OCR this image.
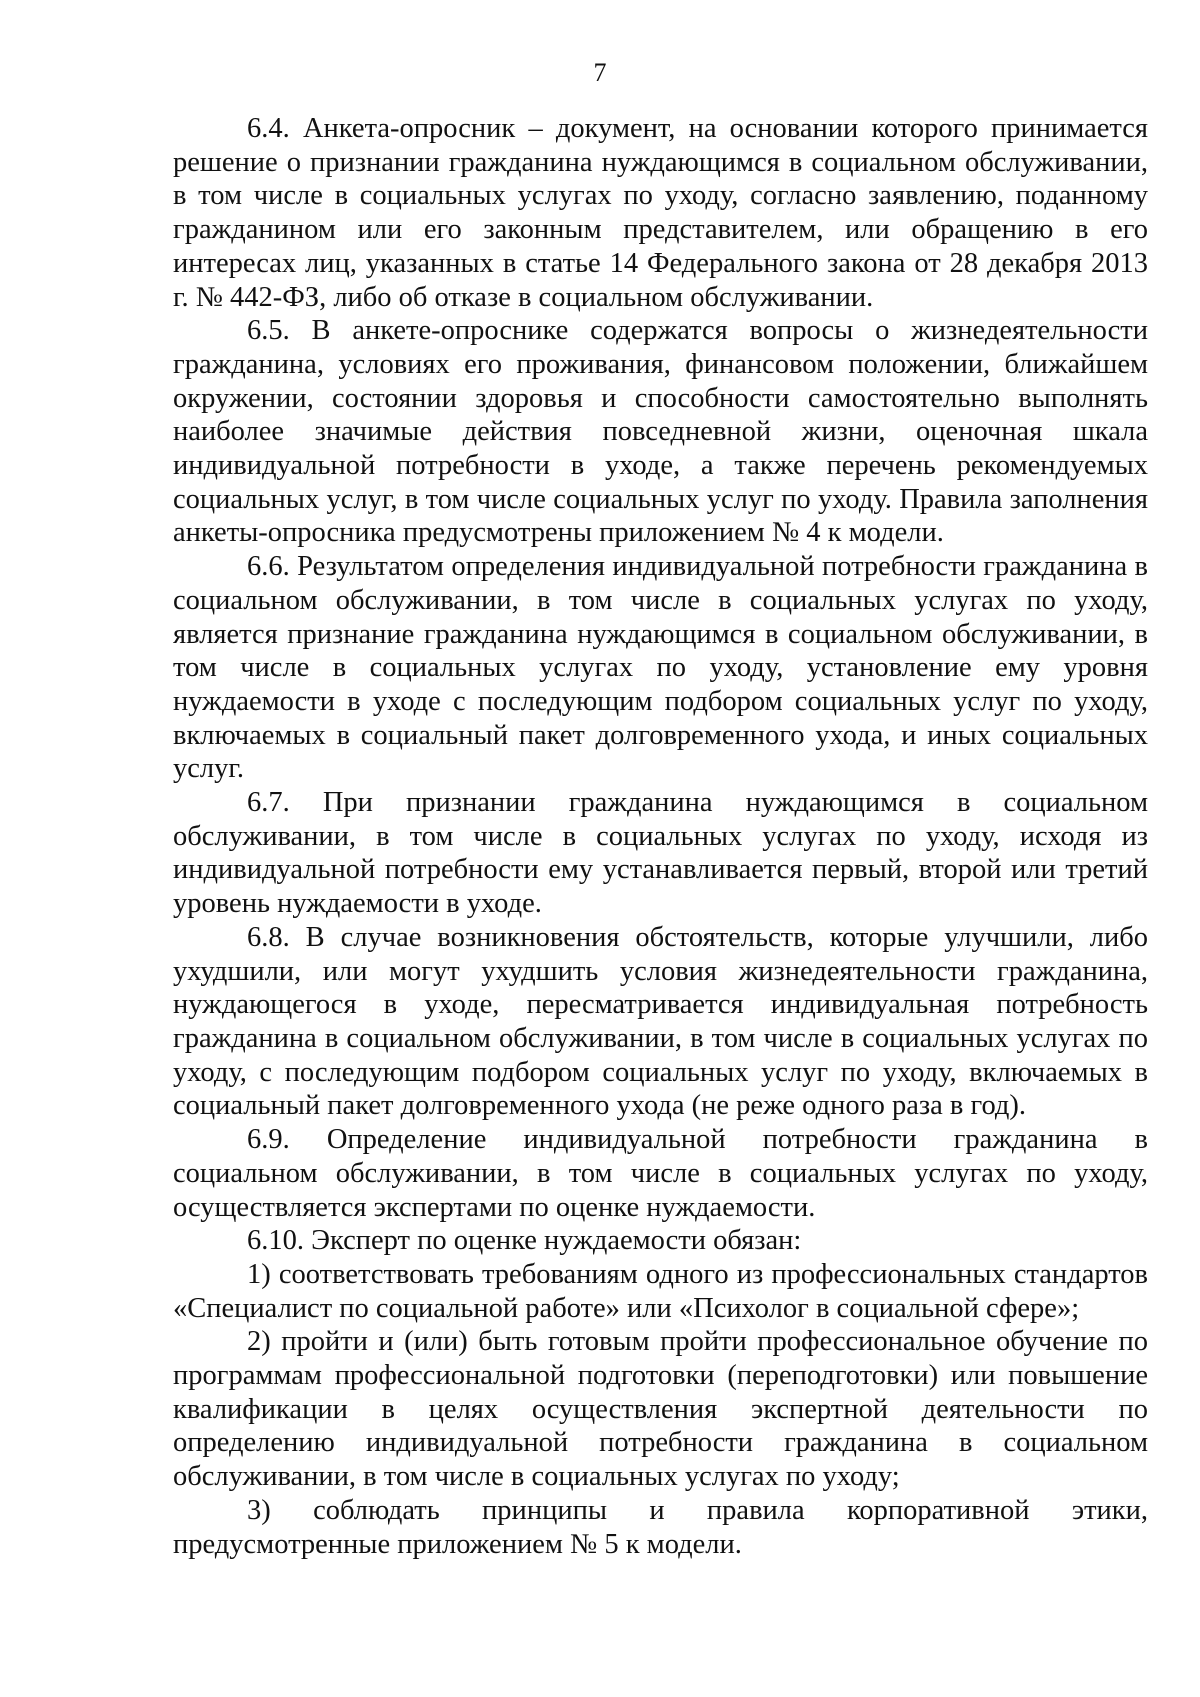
7

6.4. Анкета-опросник – документ, на основании которого принимается решение о признании гражданина нуждающимся в социальном обслуживании, в том числе в социальных услугах по уходу, согласно заявлению, поданному гражданином или его законным представителем, или обращению в его интересах лиц, указанных в статье 14 Федерального закона от 28 декабря 2013 г. № 442-ФЗ, либо об отказе в социальном обслуживании.

6.5. В анкете-опроснике содержатся вопросы о жизнедеятельности гражданина, условиях его проживания, финансовом положении, ближайшем окружении, состоянии здоровья и способности самостоятельно выполнять наиболее значимые действия повседневной жизни, оценочная шкала индивидуальной потребности в уходе, а также перечень рекомендуемых социальных услуг, в том числе социальных услуг по уходу. Правила заполнения анкеты-опросника предусмотрены приложением № 4 к модели.

6.6. Результатом определения индивидуальной потребности гражданина в социальном обслуживании, в том числе в социальных услугах по уходу, является признание гражданина нуждающимся в социальном обслуживании, в том числе в социальных услугах по уходу, установление ему уровня нуждаемости в уходе с последующим подбором социальных услуг по уходу, включаемых в социальный пакет долговременного ухода, и иных социальных услуг.

6.7. При признании гражданина нуждающимся в социальном обслуживании, в том числе в социальных услугах по уходу, исходя из индивидуальной потребности ему устанавливается первый, второй или третий уровень нуждаемости в уходе.

6.8. В случае возникновения обстоятельств, которые улучшили, либо ухудшили, или могут ухудшить условия жизнедеятельности гражданина, нуждающегося в уходе, пересматривается индивидуальная потребность гражданина в социальном обслуживании, в том числе в социальных услугах по уходу, с последующим подбором социальных услуг по уходу, включаемых в социальный пакет долговременного ухода (не реже одного раза в год).

6.9. Определение индивидуальной потребности гражданина в социальном обслуживании, в том числе в социальных услугах по уходу, осуществляется экспертами по оценке нуждаемости.

6.10. Эксперт по оценке нуждаемости обязан:

1) соответствовать требованиям одного из профессиональных стандартов «Специалист по социальной работе» или «Психолог в социальной сфере»;

2) пройти и (или) быть готовым пройти профессиональное обучение по программам профессиональной подготовки (переподготовки) или повышение квалификации в целях осуществления экспертной деятельности по определению индивидуальной потребности гражданина в социальном обслуживании, в том числе в социальных услугах по уходу;

3) соблюдать принципы и правила корпоративной этики, предусмотренные приложением № 5 к модели.
